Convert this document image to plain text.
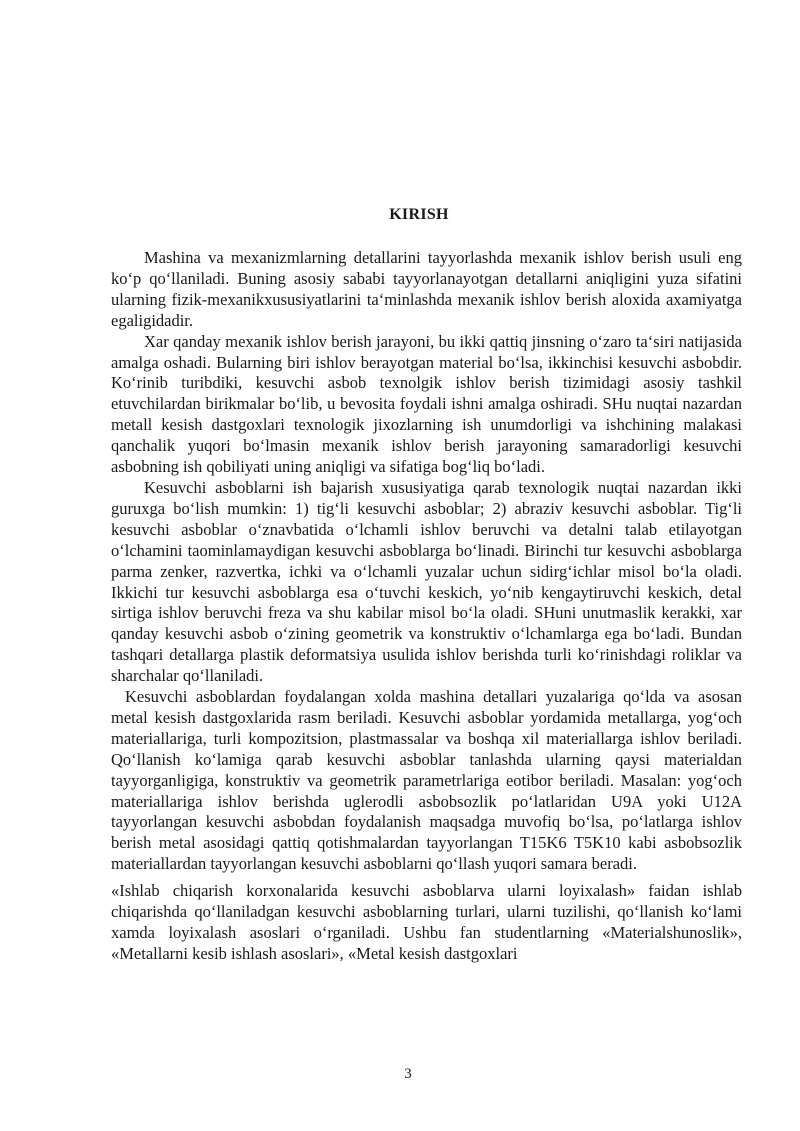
KIRISH

Mashina va mexanizmlarning detallarini tayyorlashda mexanik ishlov berish usuli eng ko‘p qo‘llaniladi. Buning asosiy sababi tayyorlanayotgan detallarni aniqligini yuza sifatini ularning fizik-mexanikxususiyatlarini ta‘minlashda mexanik ishlov berish aloxida axamiyatga egaligidadir.

Xar qanday mexanik ishlov berish jarayoni, bu ikki qattiq jinsning o‘zaro ta‘siri natijasida amalga oshadi. Bularning biri ishlov berayotgan material bo‘lsa, ikkinchisi kesuvchi asbobdir. Ko‘rinib turibdiki, kesuvchi asbob texnolgik ishlov berish tizimidagi asosiy tashkil etuvchilardan birikmalar bo‘lib, u bevosita foydali ishni amalga oshiradi. SHu nuqtai nazardan metall kesish dastgoxlari texnologik jixozlarning ish unumdorligi va ishchining malakasi qanchalik yuqori bo‘lmasin mexanik ishlov berish jarayoning samaradorligi kesuvchi asbobning ish qobiliyati uning aniqligi va sifatiga bog‘liq bo‘ladi.

Kesuvchi asboblarni ish bajarish xususiyatiga qarab texnologik nuqtai nazardan ikki guruxga bo‘lish mumkin: 1) tig‘li kesuvchi asboblar; 2) abraziv kesuvchi asboblar. Tig‘li kesuvchi asboblar o‘znavbatida o‘lchamli ishlov beruvchi va detalni talab etilayotgan o‘lchamini taominlamaydigan kesuvchi asboblarga bo‘linadi. Birinchi tur kesuvchi asboblarga parma zenker, razvertka, ichki va o‘lchamli yuzalar uchun sidirg‘ichlar misol bo‘la oladi. Ikkichi tur kesuvchi asboblarga esa o‘tuvchi keskich, yo‘nib kengaytiruvchi keskich, detal sirtiga ishlov beruvchi freza va shu kabilar misol bo‘la oladi. SHuni unutmaslik kerakki, xar qanday kesuvchi asbob o‘zining geometrik va konstruktiv o‘lchamlarga ega bo‘ladi. Bundan tashqari detallarga plastik deformatsiya usulida ishlov berishda turli ko‘rinishdagi roliklar va sharchalar qo‘llaniladi.

Kesuvchi asboblardan foydalangan xolda mashina detallari yuzalariga qo‘lda va asosan metal kesish dastgoxlarida rasm beriladi. Kesuvchi asboblar yordamida metallarga, yog‘och materiallariga, turli kompozitsion, plastmassalar va boshqa xil materiallarga ishlov beriladi. Qo‘llanish ko‘lamiga qarab kesuvchi asboblar tanlashda ularning qaysi materialdan tayyorganligiga, konstruktiv va geometrik parametrlariga eotibor beriladi. Masalan: yog‘och materiallariga ishlov berishda uglerodli asbobsozlik po‘latlaridan U9A yoki U12A tayyorlangan kesuvchi asbobdan foydalanish maqsadga muvofiq bo‘lsa, po‘latlarga ishlov berish metal asosidagi qattiq qotishmalardan tayyorlangan T15K6 T5K10 kabi asbobsozlik materiallardan tayyorlangan kesuvchi asboblarni qo‘llash yuqori samara beradi.

«Ishlab chiqarish korxonalarida kesuvchi asboblarva ularni loyixalash» faidan ishlab chiqarishda qo‘llaniladgan kesuvchi asboblarning turlari, ularni tuzilishi, qo‘llanish ko‘lami xamda loyixalash asoslari o‘rganiladi. Ushbu fan studentlarning «Materialshunoslik», «Metallarni kesib ishlash asoslari», «Metal kesish dastgoxlari

3
